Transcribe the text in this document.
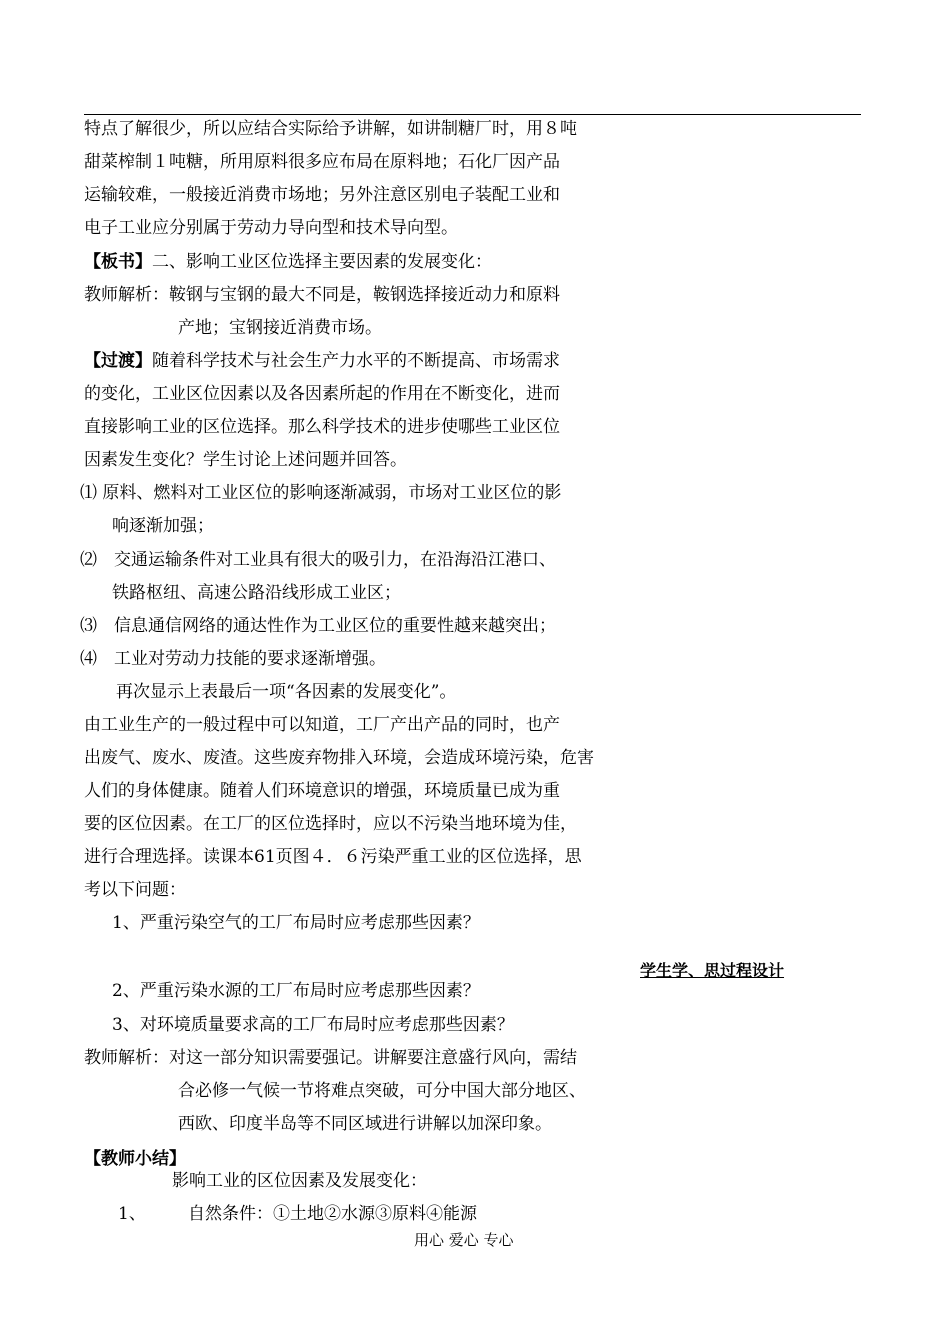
特点了解很少，所以应结合实际给予讲解，如讲制糖厂时，用８吨
甜菜榨制１吨糖，所用原料很多应布局在原料地；石化厂因产品
运输较难，一般接近消费市场地；另外注意区别电子装配工业和
电子工业应分别属于劳动力导向型和技术导向型。
【板书】二、影响工业区位选择主要因素的发展变化：
教师解析：鞍钢与宝钢的最大不同是，鞍钢选择接近动力和原料
产地；宝钢接近消费市场。
【过渡】随着科学技术与社会生产力水平的不断提高、市场需求
的变化，工业区位因素以及各因素所起的作用在不断变化，进而
直接影响工业的区位选择。那么科学技术的进步使哪些工业区位
因素发生变化？学生讨论上述问题并回答。
⑴ 原料、燃料对工业区位的影响逐渐减弱，市场对工业区位的影
响逐渐加强；
⑵　交通运输条件对工业具有很大的吸引力，在沿海沿江港口、
铁路枢纽、高速公路沿线形成工业区；
⑶　信息通信网络的通达性作为工业区位的重要性越来越突出；
⑷　工业对劳动力技能的要求逐渐增强。
再次显示上表最后一项“各因素的发展变化”。
由工业生产的一般过程中可以知道，工厂产出产品的同时，也产
出废气、废水、废渣。这些废弃物排入环境，会造成环境污染，危害
人们的身体健康。随着人们环境意识的增强，环境质量已成为重
要的区位因素。在工厂的区位选择时，应以不污染当地环境为佳，
进行合理选择。读课本61页图４．６污染严重工业的区位选择，思
考以下问题：
1、严重污染空气的工厂布局时应考虑那些因素？
2、严重污染水源的工厂布局时应考虑那些因素？
3、对环境质量要求高的工厂布局时应考虑那些因素？
教师解析：对这一部分知识需要强记。讲解要注意盛行风向，需结
合必修一气候一节将难点突破，可分中国大部分地区、
西欧、印度半岛等不同区域进行讲解以加深印象。
【教师小结】
影响工业的区位因素及发展变化：
1、 自然条件：①土地②水源③原料④能源
学生学、思过程设计
用心 爱心 专心
